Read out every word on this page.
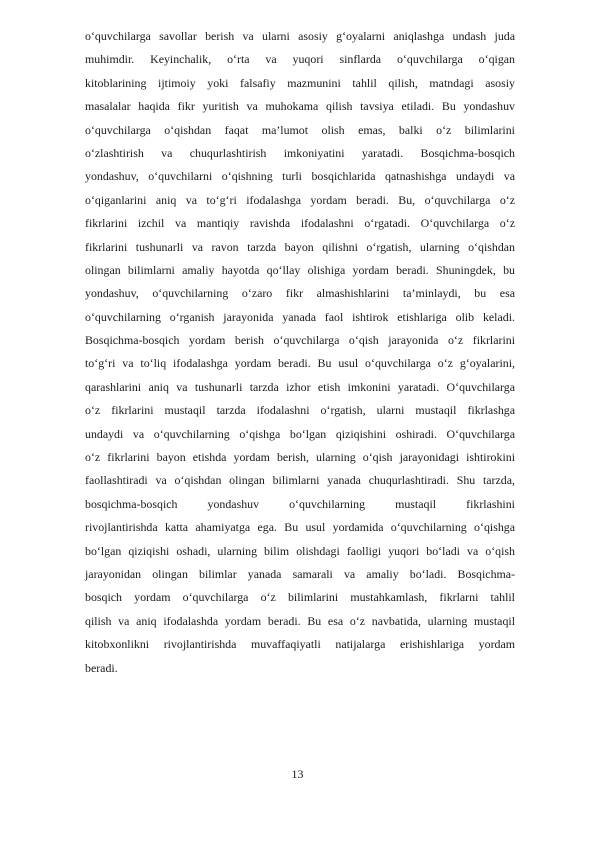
o‘quvchilarga savollar berish va ularni asosiy g‘oyalarni aniqlashga undash juda
muhimdir. Keyinchalik, o‘rta va yuqori sinflarda o‘quvchilarga o‘qigan
kitoblarining ijtimoiy yoki falsafiy mazmunini tahlil qilish, matndagi asosiy
masalalar haqida fikr yuritish va muhokama qilish tavsiya etiladi. Bu yondashuv
o‘quvchilarga o‘qishdan faqat ma’lumot olish emas, balki o‘z bilimlarini
o‘zlashtirish va chuqurlashtirish imkoniyatini yaratadi. Bosqichma-bosqich
yondashuv, o‘quvchilarni o‘qishning turli bosqichlarida qatnashishga undaydi va
o‘qiganlarini aniq va to‘g‘ri ifodalashga yordam beradi. Bu, o‘quvchilarga o‘z
fikrlarini izchil va mantiqiy ravishda ifodalashni o‘rgatadi. O‘quvchilarga o‘z
fikrlarini tushunarli va ravon tarzda bayon qilishni o‘rgatish, ularning o‘qishdan
olingan bilimlarni amaliy hayotda qo‘llay olishiga yordam beradi. Shuningdek, bu
yondashuv, o‘quvchilarning o‘zaro fikr almashishlarini ta’minlaydi, bu esa
o‘quvchilarning o‘rganish jarayonida yanada faol ishtirok etishlariga olib keladi.
Bosqichma-bosqich yordam berish o‘quvchilarga o‘qish jarayonida o‘z fikrlarini
to‘g‘ri va to‘liq ifodalashga yordam beradi. Bu usul o‘quvchilarga o‘z g‘oyalarini,
qarashlarini aniq va tushunarli tarzda izhor etish imkonini yaratadi. O‘quvchilarga
o‘z fikrlarini mustaqil tarzda ifodalashni o‘rgatish, ularni mustaqil fikrlashga
undaydi va o‘quvchilarning o‘qishga bo‘lgan qiziqishini oshiradi. O‘quvchilarga
o‘z fikrlarini bayon etishda yordam berish, ularning o‘qish jarayonidagi ishtirokini
faollashtiradi va o‘qishdan olingan bilimlarni yanada chuqurlashtiradi. Shu tarzda,
bosqichma-bosqich yondashuv o‘quvchilarning mustaqil fikrlashini
rivojlantirishda katta ahamiyatga ega. Bu usul yordamida o‘quvchilarning o‘qishga
bo‘lgan qiziqishi oshadi, ularning bilim olishdagi faolligi yuqori bo‘ladi va o‘qish
jarayonidan olingan bilimlar yanada samarali va amaliy bo‘ladi. Bosqichma-
bosqich yordam o‘quvchilarga o‘z bilimlarini mustahkamlash, fikrlarni tahlil
qilish va aniq ifodalashda yordam beradi. Bu esa o‘z navbatida, ularning mustaqil
kitobxonlikni rivojlantirishda muvaffaqiyatli natijalarga erishishlariga yordam
beradi.
13
